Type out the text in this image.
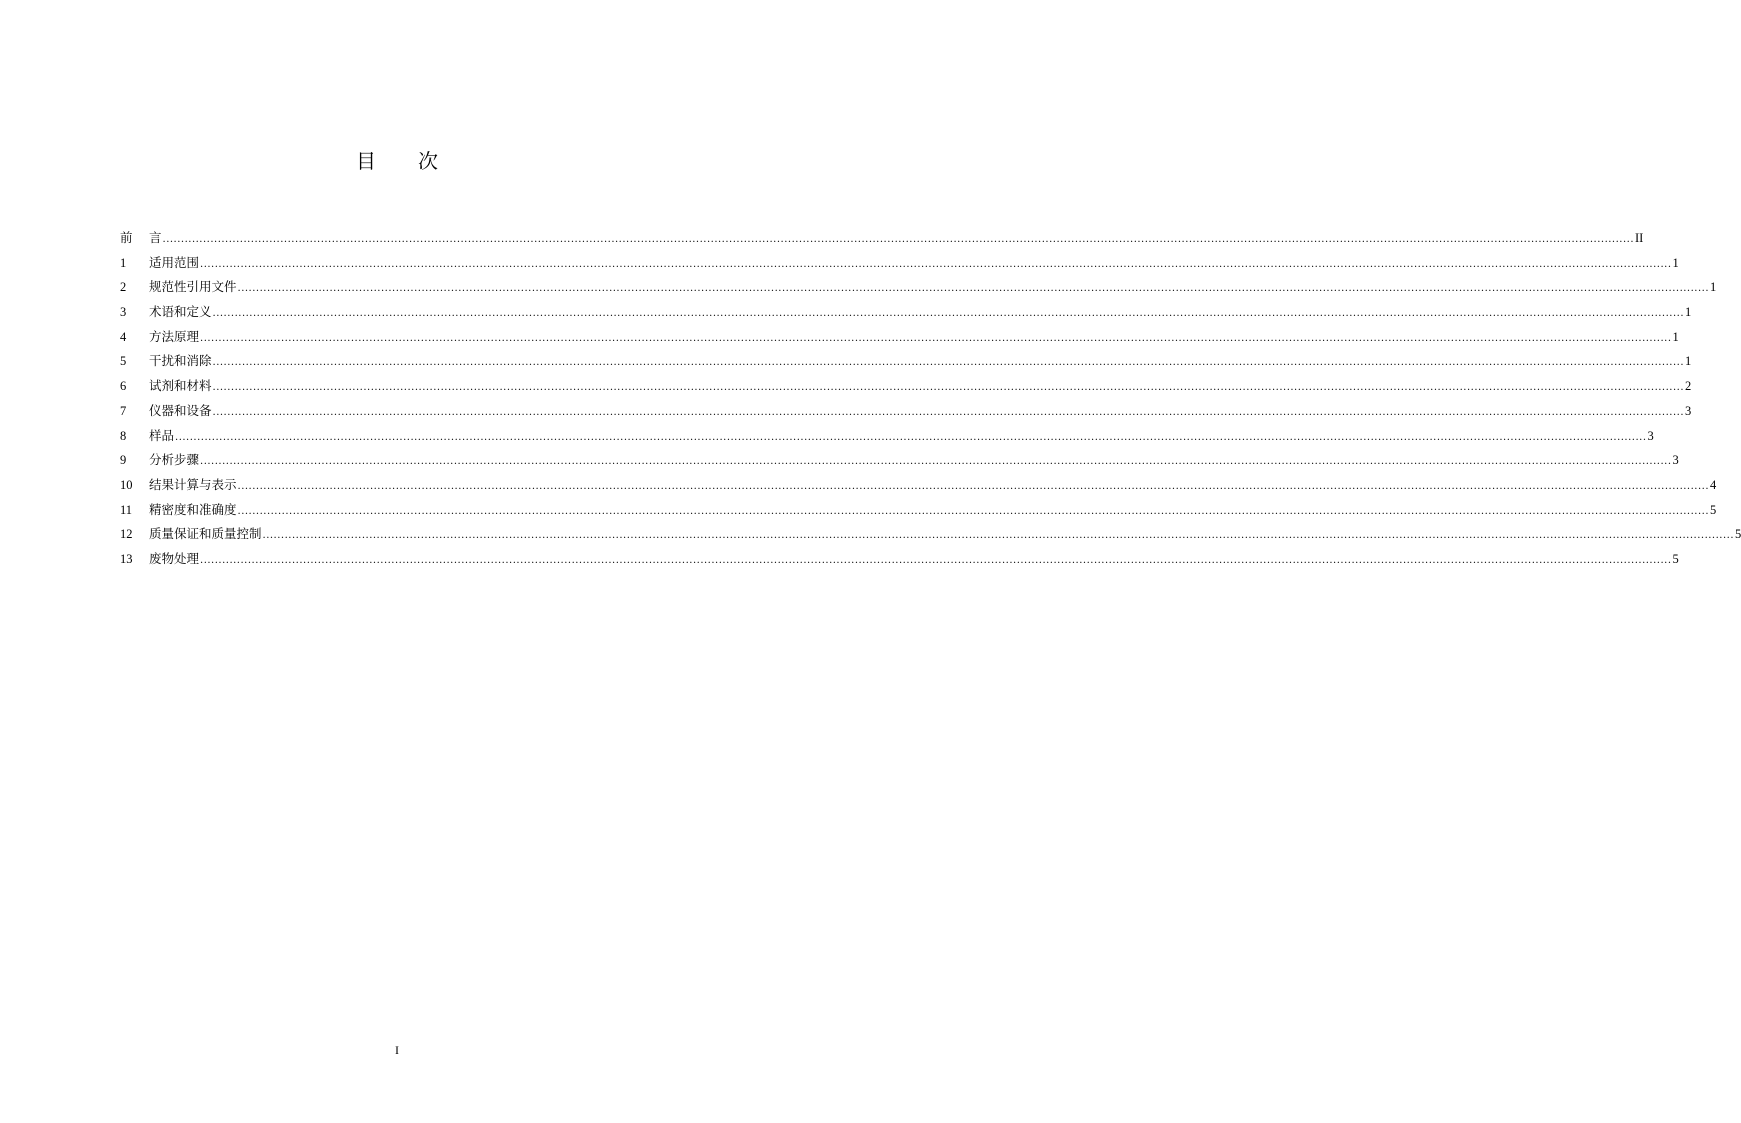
目 次
前	言 ................................................................................................................................................................................................................................................................................................................................................................................................................ II
1	适用范围 ................................................................................................................................................................................................................................................................................................................................................................................................................ 1
2	规范性引用文件 ................................................................................................................................................................................................................................................................................................................................................................................................................ 1
3	术语和定义 ................................................................................................................................................................................................................................................................................................................................................................................................................ 1
4	方法原理 ................................................................................................................................................................................................................................................................................................................................................................................................................ 1
5	干扰和消除 ................................................................................................................................................................................................................................................................................................................................................................................................................ 1
6	试剂和材料 ................................................................................................................................................................................................................................................................................................................................................................................................................ 2
7	仪器和设备 ................................................................................................................................................................................................................................................................................................................................................................................................................ 3
8	样品 ................................................................................................................................................................................................................................................................................................................................................................................................................ 3
9	分析步骤 ................................................................................................................................................................................................................................................................................................................................................................................................................ 3
10	结果计算与表示 ................................................................................................................................................................................................................................................................................................................................................................................................................ 4
11	精密度和准确度 ................................................................................................................................................................................................................................................................................................................................................................................................................ 5
12	质量保证和质量控制 ................................................................................................................................................................................................................................................................................................................................................................................................................ 5
13	废物处理 ................................................................................................................................................................................................................................................................................................................................................................................................................ 5
I
